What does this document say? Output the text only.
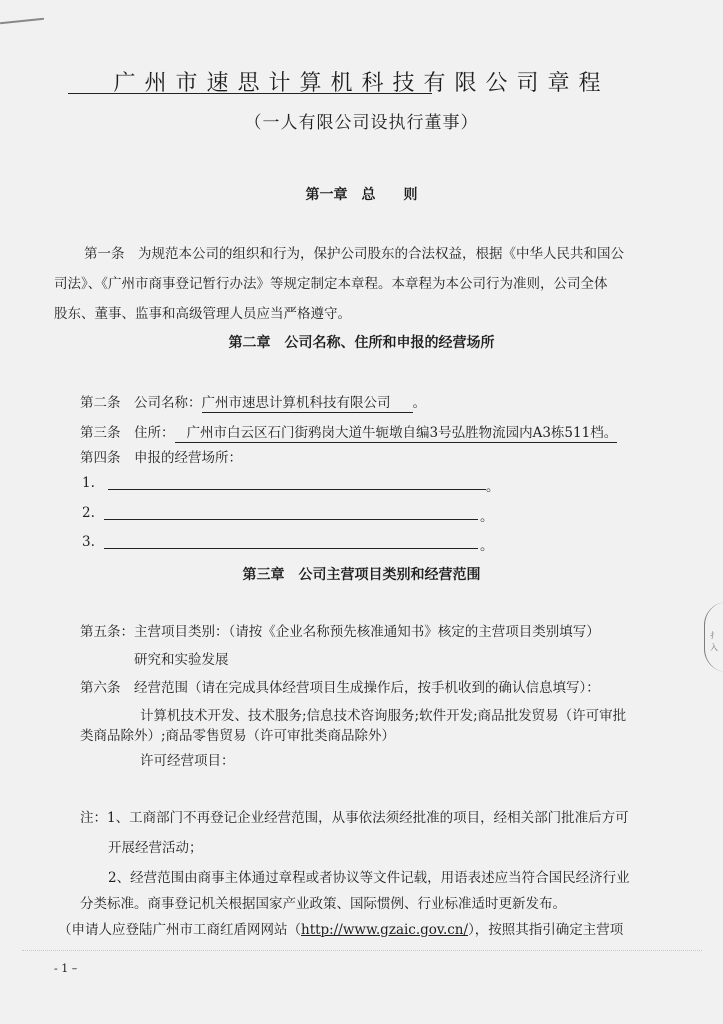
广州市速思计算机科技有限公司章程
（一人有限公司设执行董事）
第一章　总　　则
第一条　为规范本公司的组织和行为，保护公司股东的合法权益，根据《中华人民共和国公
司法》、《广州市商事登记暂行办法》等规定制定本章程。本章程为本公司行为准则，公司全体
股东、董事、监事和高级管理人员应当严格遵守。
第二章　公司名称、住所和申报的经营场所
第二条　公司名称：广州市速思计算机科技有限公司 。
第三条　住所： 广州市白云区石门街鸦岗大道牛轭墩自编3号弘胜物流园内A3栋511档。
第四条　申报的经营场所：
1.	。
2.	。
3.	。
第三章　公司主营项目类别和经营范围
第五条：主营项目类别：（请按《企业名称预先核准通知书》核定的主营项目类别填写）
研究和实验发展
第六条　经营范围（请在完成具体经营项目生成操作后，按手机收到的确认信息填写）：
计算机技术开发、技术服务;信息技术咨询服务;软件开发;商品批发贸易（许可审批
类商品除外）;商品零售贸易（许可审批类商品除外）
许可经营项目：
注：1、工商部门不再登记企业经营范围，从事依法须经批准的项目，经相关部门批准后方可
开展经营活动；
2、经营范围由商事主体通过章程或者协议等文件记载，用语表述应当符合国民经济行业
分类标准。商事登记机关根据国家产业政策、国际惯例、行业标准适时更新发布。
（申请人应登陆广州市工商红盾网网站（http://www.gzaic.gov.cn/），按照其指引确定主营项
- 1 –
扌
入
